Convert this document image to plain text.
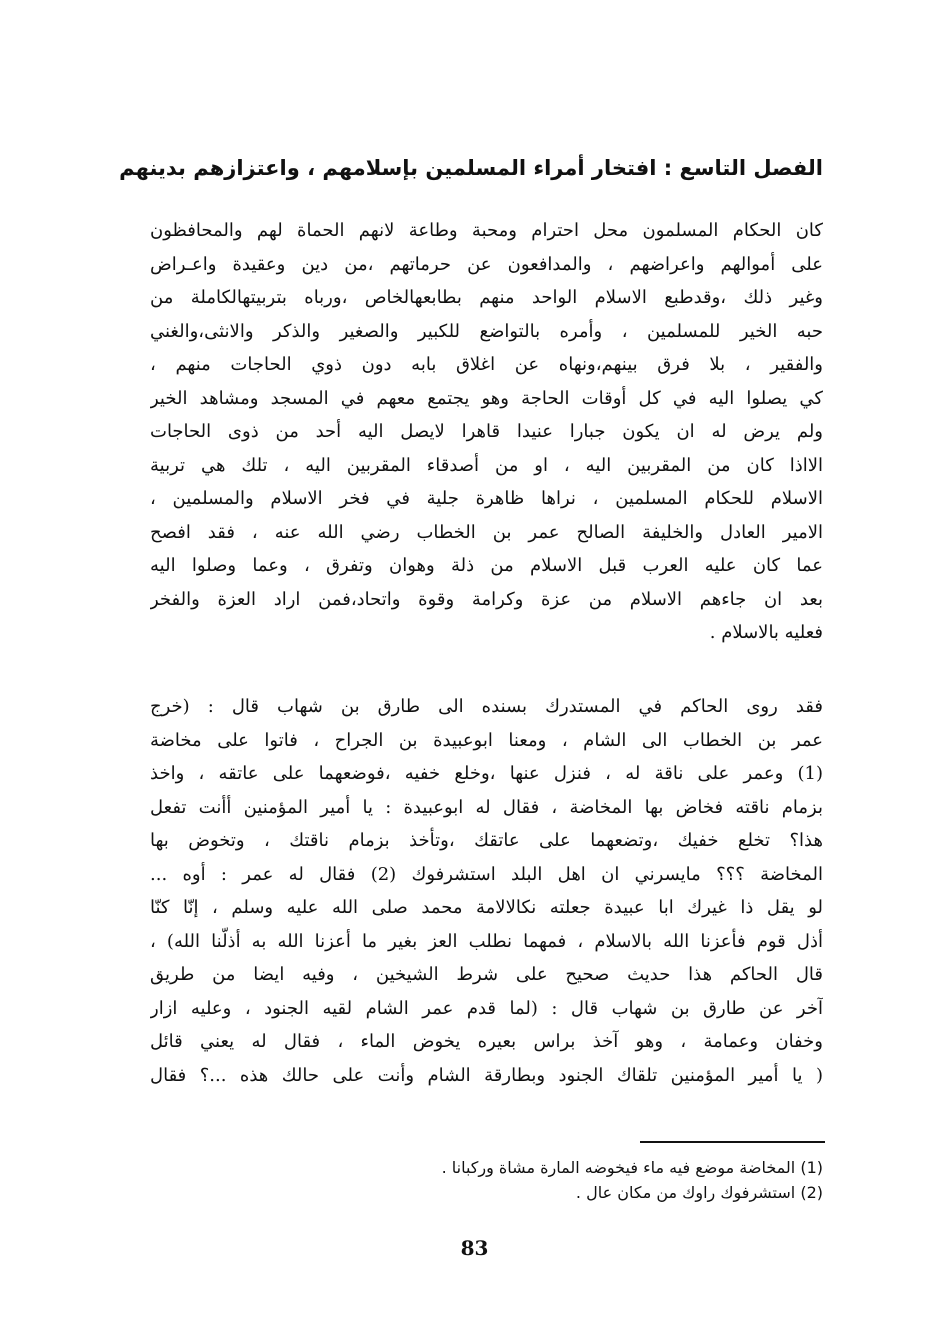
الفصل التاسع : افتخار أمراء المسلمين بإسلامهم ، واعتزازهم بدينهم
كان الحكام المسلمون محل احترام ومحبة وطاعة لانهم الحماة لهم والمحافظون
على أموالهم واعراضهم ، والمدافعون عن حرماتهم ،من دين وعقيدة واعـراض
وغير ذلك ،وقدطبع الاسلام الواحد منهم بطابعهالخاص ،ورباه بتربيتهالكاملة من
حبه الخير للمسلمين ، وأمره بالتواضع للكبير والصغير والذكر والانثى،والغني
والفقير ، بلا فرق بينهم،ونهاه عن اغلاق بابه دون ذوي الحاجات منهم ،
كي يصلوا اليه في كل أوقات الحاجة وهو يجتمع معهم في المسجد ومشاهد الخير
ولم يرض له ان يكون جبارا عنيدا قاهرا لايصل اليه أحد من ذوى الحاجات
الااذا كان من المقربين اليه ، او من أصدقاء المقربين اليه ، تلك هي تربية
الاسلام للحكام المسلمين ، نراها ظاهرة جلية في فخر الاسلام والمسلمين ،
الامير العادل والخليفة الصالح عمر بن الخطاب رضي الله عنه ، فقد افصح
عما كان عليه العرب قبل الاسلام من ذلة وهوان وتفرق ، وعما وصلوا اليه
بعد ان جاءهم الاسلام من عزة وكرامة وقوة واتحاد،فمن اراد العزة والفخر
فعليه بالاسلام .
فقد روى الحاكم في المستدرك بسنده الى طارق بن شهاب قال : (خرج
عمر بن الخطاب الى الشام ، ومعنا ابوعبيدة بن الجراح ، فاتوا على مخاضة
(1) وعمر على ناقة له ، فنزل عنها ،وخلع خفيه ،فوضعهما على عاتقه ، واخذ
بزمام ناقته فخاض بها المخاضة ، فقال له ابوعبيدة : يا أمير المؤمنين أأنت تفعل
هذا؟ تخلع خفيك ،وتضعهما على عاتقك ،وتأخذ بزمام ناقتك ، وتخوض بها
المخاضة ؟؟؟ مايسرني ان اهل البلد استشرفوك (2) فقال له عمر : أوه ...
لو يقل ذا غيرك ابا عبيدة جعلته نكالالامة محمد صلى الله عليه وسلم ، إنّا كنّا
أذل قوم فأعزنا الله بالاسلام ، فمهما نطلب العز بغير ما أعزنا الله به أذلّنا الله) ،
قال الحاكم هذا حديث صحيح على شرط الشيخين ، وفيه ايضا من طريق
آخر عن طارق بن شهاب قال : (لما قدم عمر الشام لقيه الجنود ، وعليه ازار
وخفان وعمامة ، وهو آخذ براس بعيره يخوض الماء ، فقال له يعني قائل
( يا أمير المؤمنين تلقاك الجنود وبطارقة الشام وأنت على حالك هذه ...؟ فقال
(1) المخاضة موضع فيه ماء فيخوضه المارة مشاة وركبانا .
(2) استشرفوك راوك من مكان عال .
83
